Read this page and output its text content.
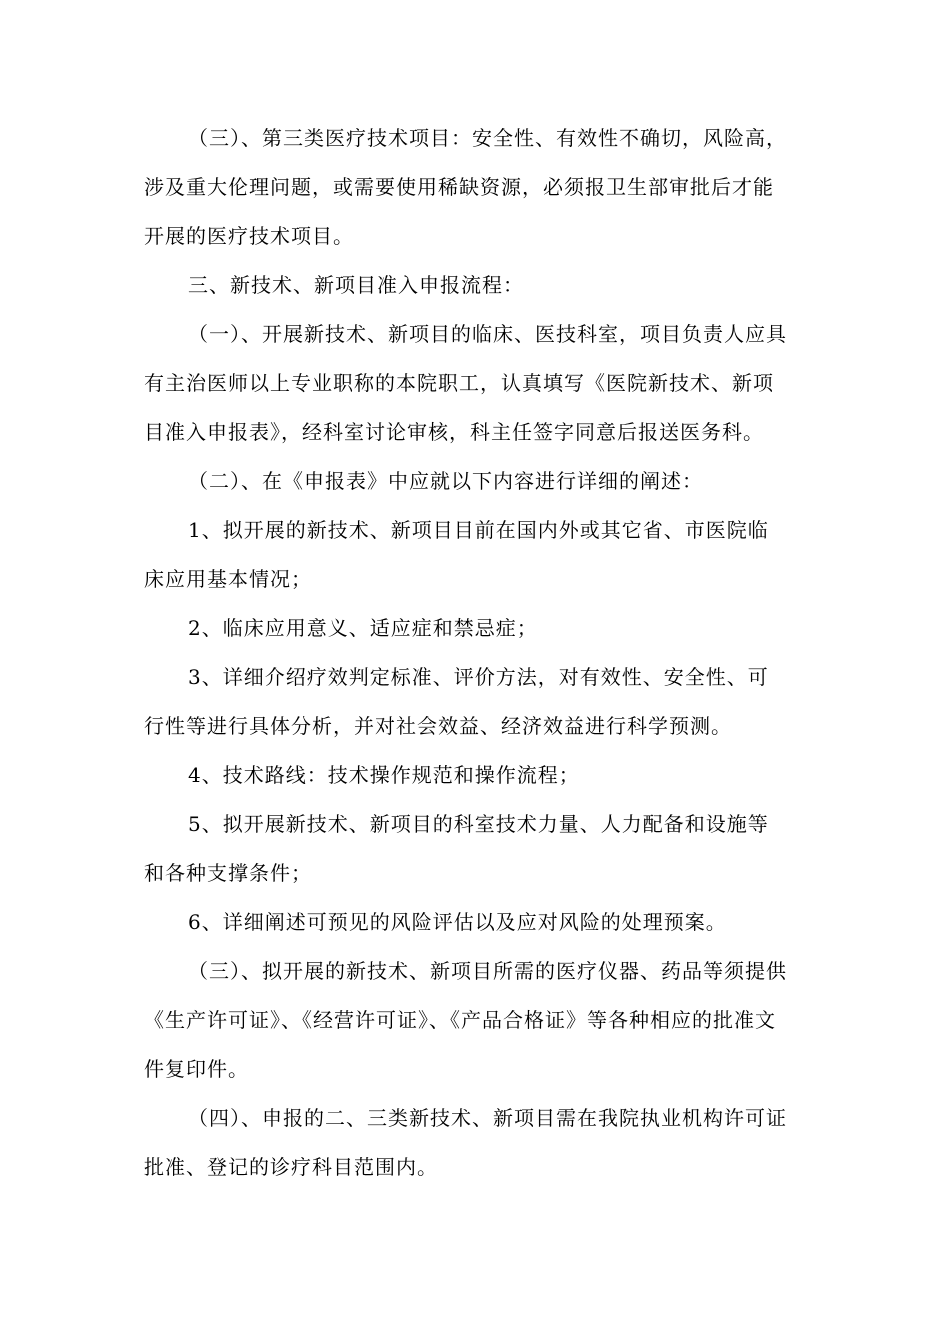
（三）、第三类医疗技术项目：安全性、有效性不确切，风险高，

涉及重大伦理问题，或需要使用稀缺资源，必须报卫生部审批后才能

开展的医疗技术项目。

三、新技术、新项目准入申报流程：

（一）、开展新技术、新项目的临床、医技科室，项目负责人应具

有主治医师以上专业职称的本院职工，认真填写《医院新技术、新项

目准入申报表》，经科室讨论审核，科主任签字同意后报送医务科。

（二）、在《申报表》中应就以下内容进行详细的阐述：

1、拟开展的新技术、新项目目前在国内外或其它省、市医院临

床应用基本情况；

2、临床应用意义、适应症和禁忌症；

3、详细介绍疗效判定标准、评价方法，对有效性、安全性、可

行性等进行具体分析，并对社会效益、经济效益进行科学预测。

4、技术路线：技术操作规范和操作流程；

5、拟开展新技术、新项目的科室技术力量、人力配备和设施等

和各种支撑条件；

6、详细阐述可预见的风险评估以及应对风险的处理预案。

（三）、拟开展的新技术、新项目所需的医疗仪器、药品等须提供

《生产许可证》、《经营许可证》、《产品合格证》等各种相应的批准文

件复印件。

（四）、申报的二、三类新技术、新项目需在我院执业机构许可证

批准、登记的诊疗科目范围内。
